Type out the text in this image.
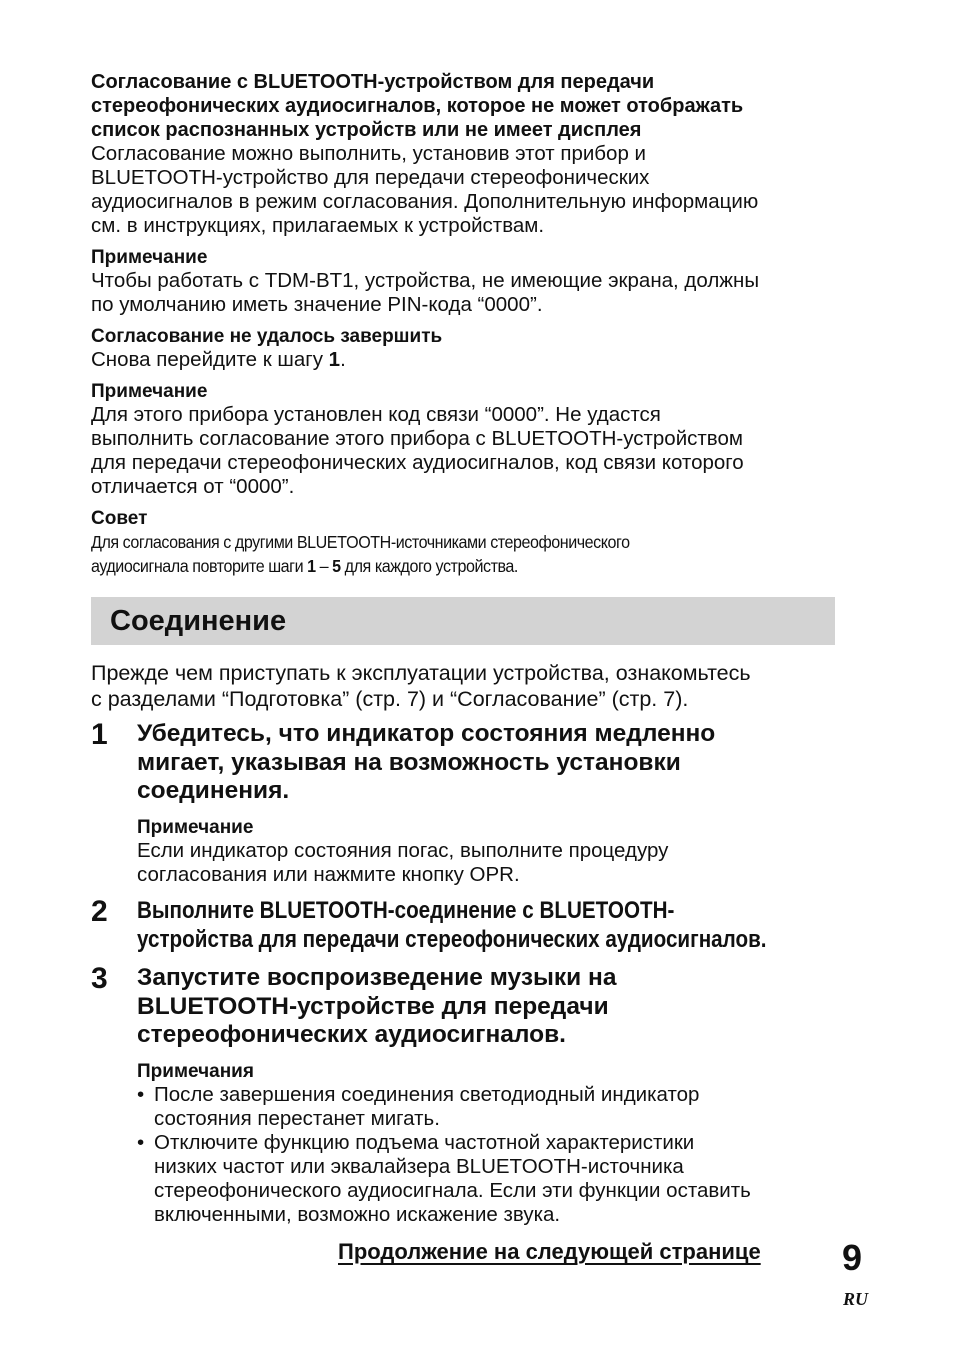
Согласование с BLUETOOTH-устройством для передачи
стереофонических аудиосигналов, которое не может отображать
список распознанных устройств или не имеет дисплея

Согласование можно выполнить, установив этот прибор и
BLUETOOTH-устройство для передачи стереофонических
аудиосигналов в режим согласования. Дополнительную информацию
см. в инструкциях, прилагаемых к устройствам.

Примечание

Чтобы работать с TDM-BT1, устройства, не имеющие экрана, должны
по умолчанию иметь значение PIN-кода “0000”.

Согласование не удалось завершить

Снова перейдите к шагу 1.

Примечание

Для этого прибора установлен код связи “0000”. Не удастся
выполнить согласование этого прибора с BLUETOOTH-устройством
для передачи стереофонических аудиосигналов, код связи которого
отличается от “0000”.

Совет

Для согласования с другими BLUETOOTH-источниками стереофонического
аудиосигнала повторите шаги 1 – 5 для каждого устройства.

Соединение

Прежде чем приступать к эксплуатации устройства, ознакомьтесь
с разделами “Подготовка” (стр. 7) и “Согласование” (стр. 7).

1 Убедитесь, что индикатор состояния медленно
мигает, указывая на возможность установки
соединения.

Примечание

Если индикатор состояния погас, выполните процедуру
согласования или нажмите кнопку OPR.

2 Выполните BLUETOOTH-соединение с BLUETOOTH-
устройства для передачи стереофонических аудиосигналов.

3 Запустите воспроизведение музыки на
BLUETOOTH-устройстве для передачи
стереофонических аудиосигналов.

Примечания

• После завершения соединения светодиодный индикатор
состояния перестанет мигать.
• Отключите функцию подъема частотной характеристики
низких частот или эквалайзера BLUETOOTH-источника
стереофонического аудиосигнала. Если эти функции оставить
включенными, возможно искажение звука.
Продолжение на следующей странице 9
RU
